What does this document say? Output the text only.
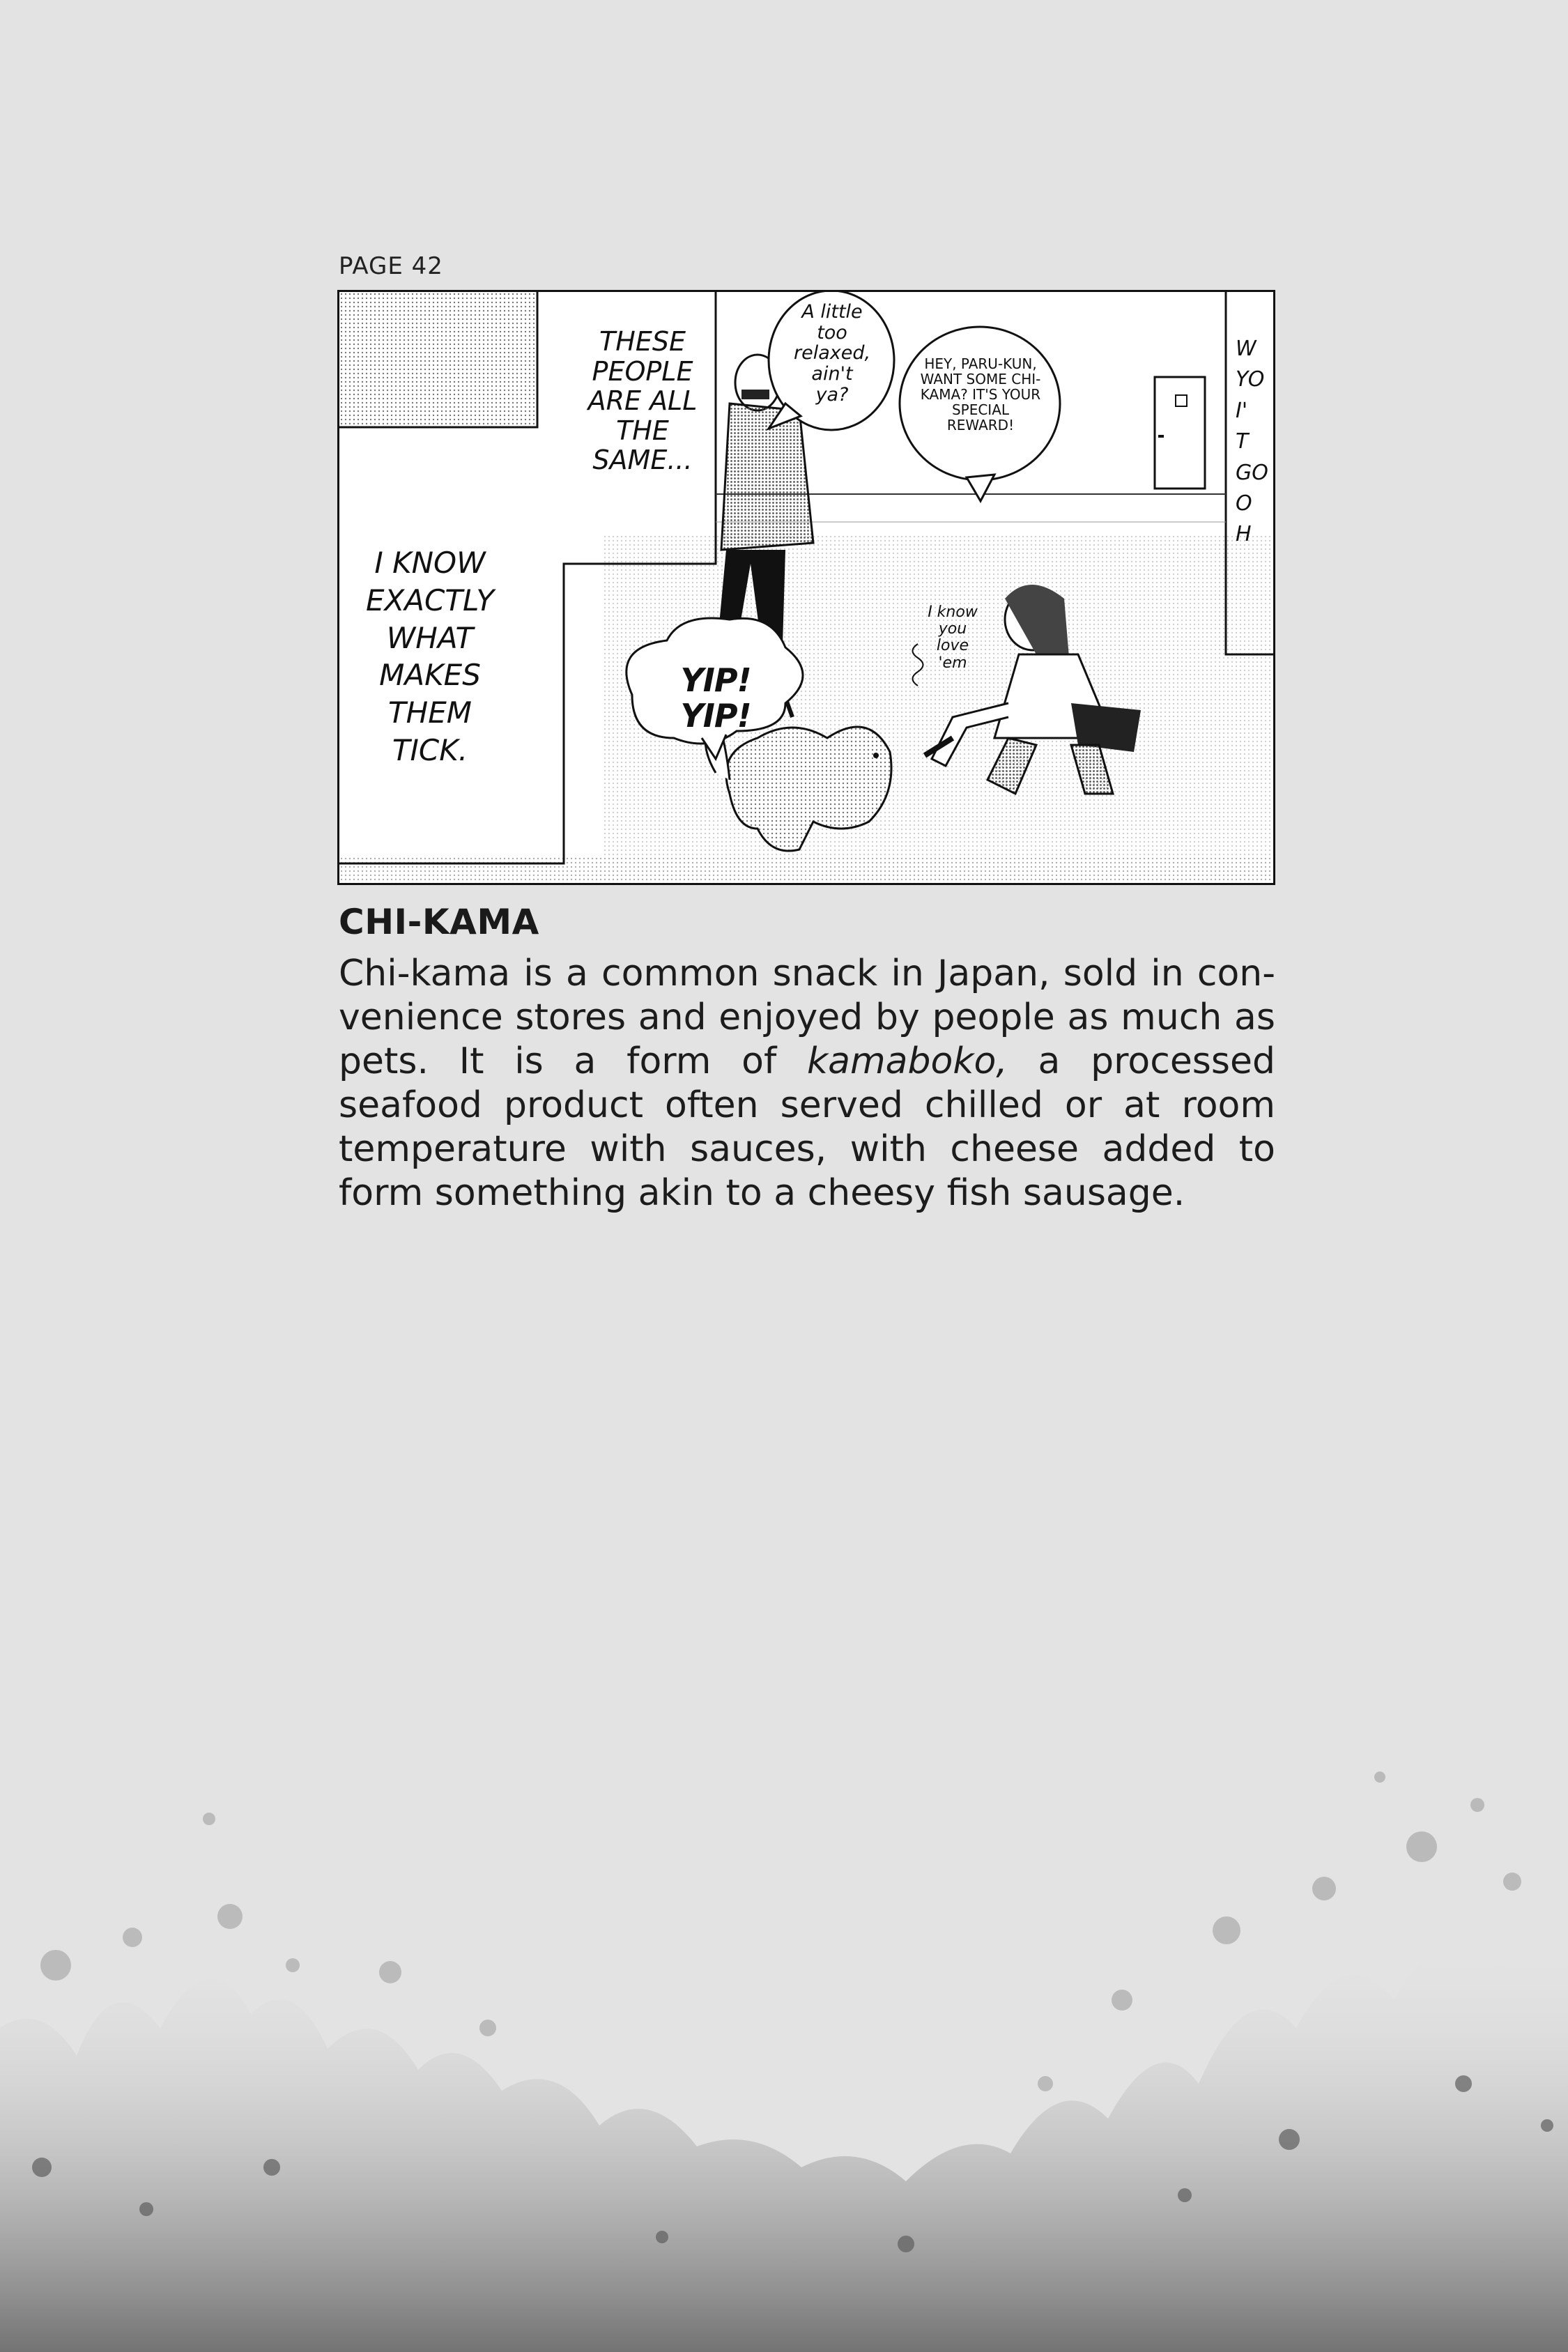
PAGE 42
THESE PEOPLE ARE ALL THE SAME...
I KNOW EXACTLY WHAT MAKES THEM TICK.
A little too relaxed, ain't ya?
HEY, PARU-KUN, WANT SOME CHI-KAMA? IT'S YOUR SPECIAL REWARD!
I know you love 'em
YIP! YIP!
W YO I' T GO O H
CHI-KAMA
Chi-kama is a common snack in Japan, sold in con-venience stores and enjoyed by people as much as pets. It is a form of kamaboko, a processed seafood product often served chilled or at room temperature with sauces, with cheese added to form something akin to a cheesy fish sausage.
